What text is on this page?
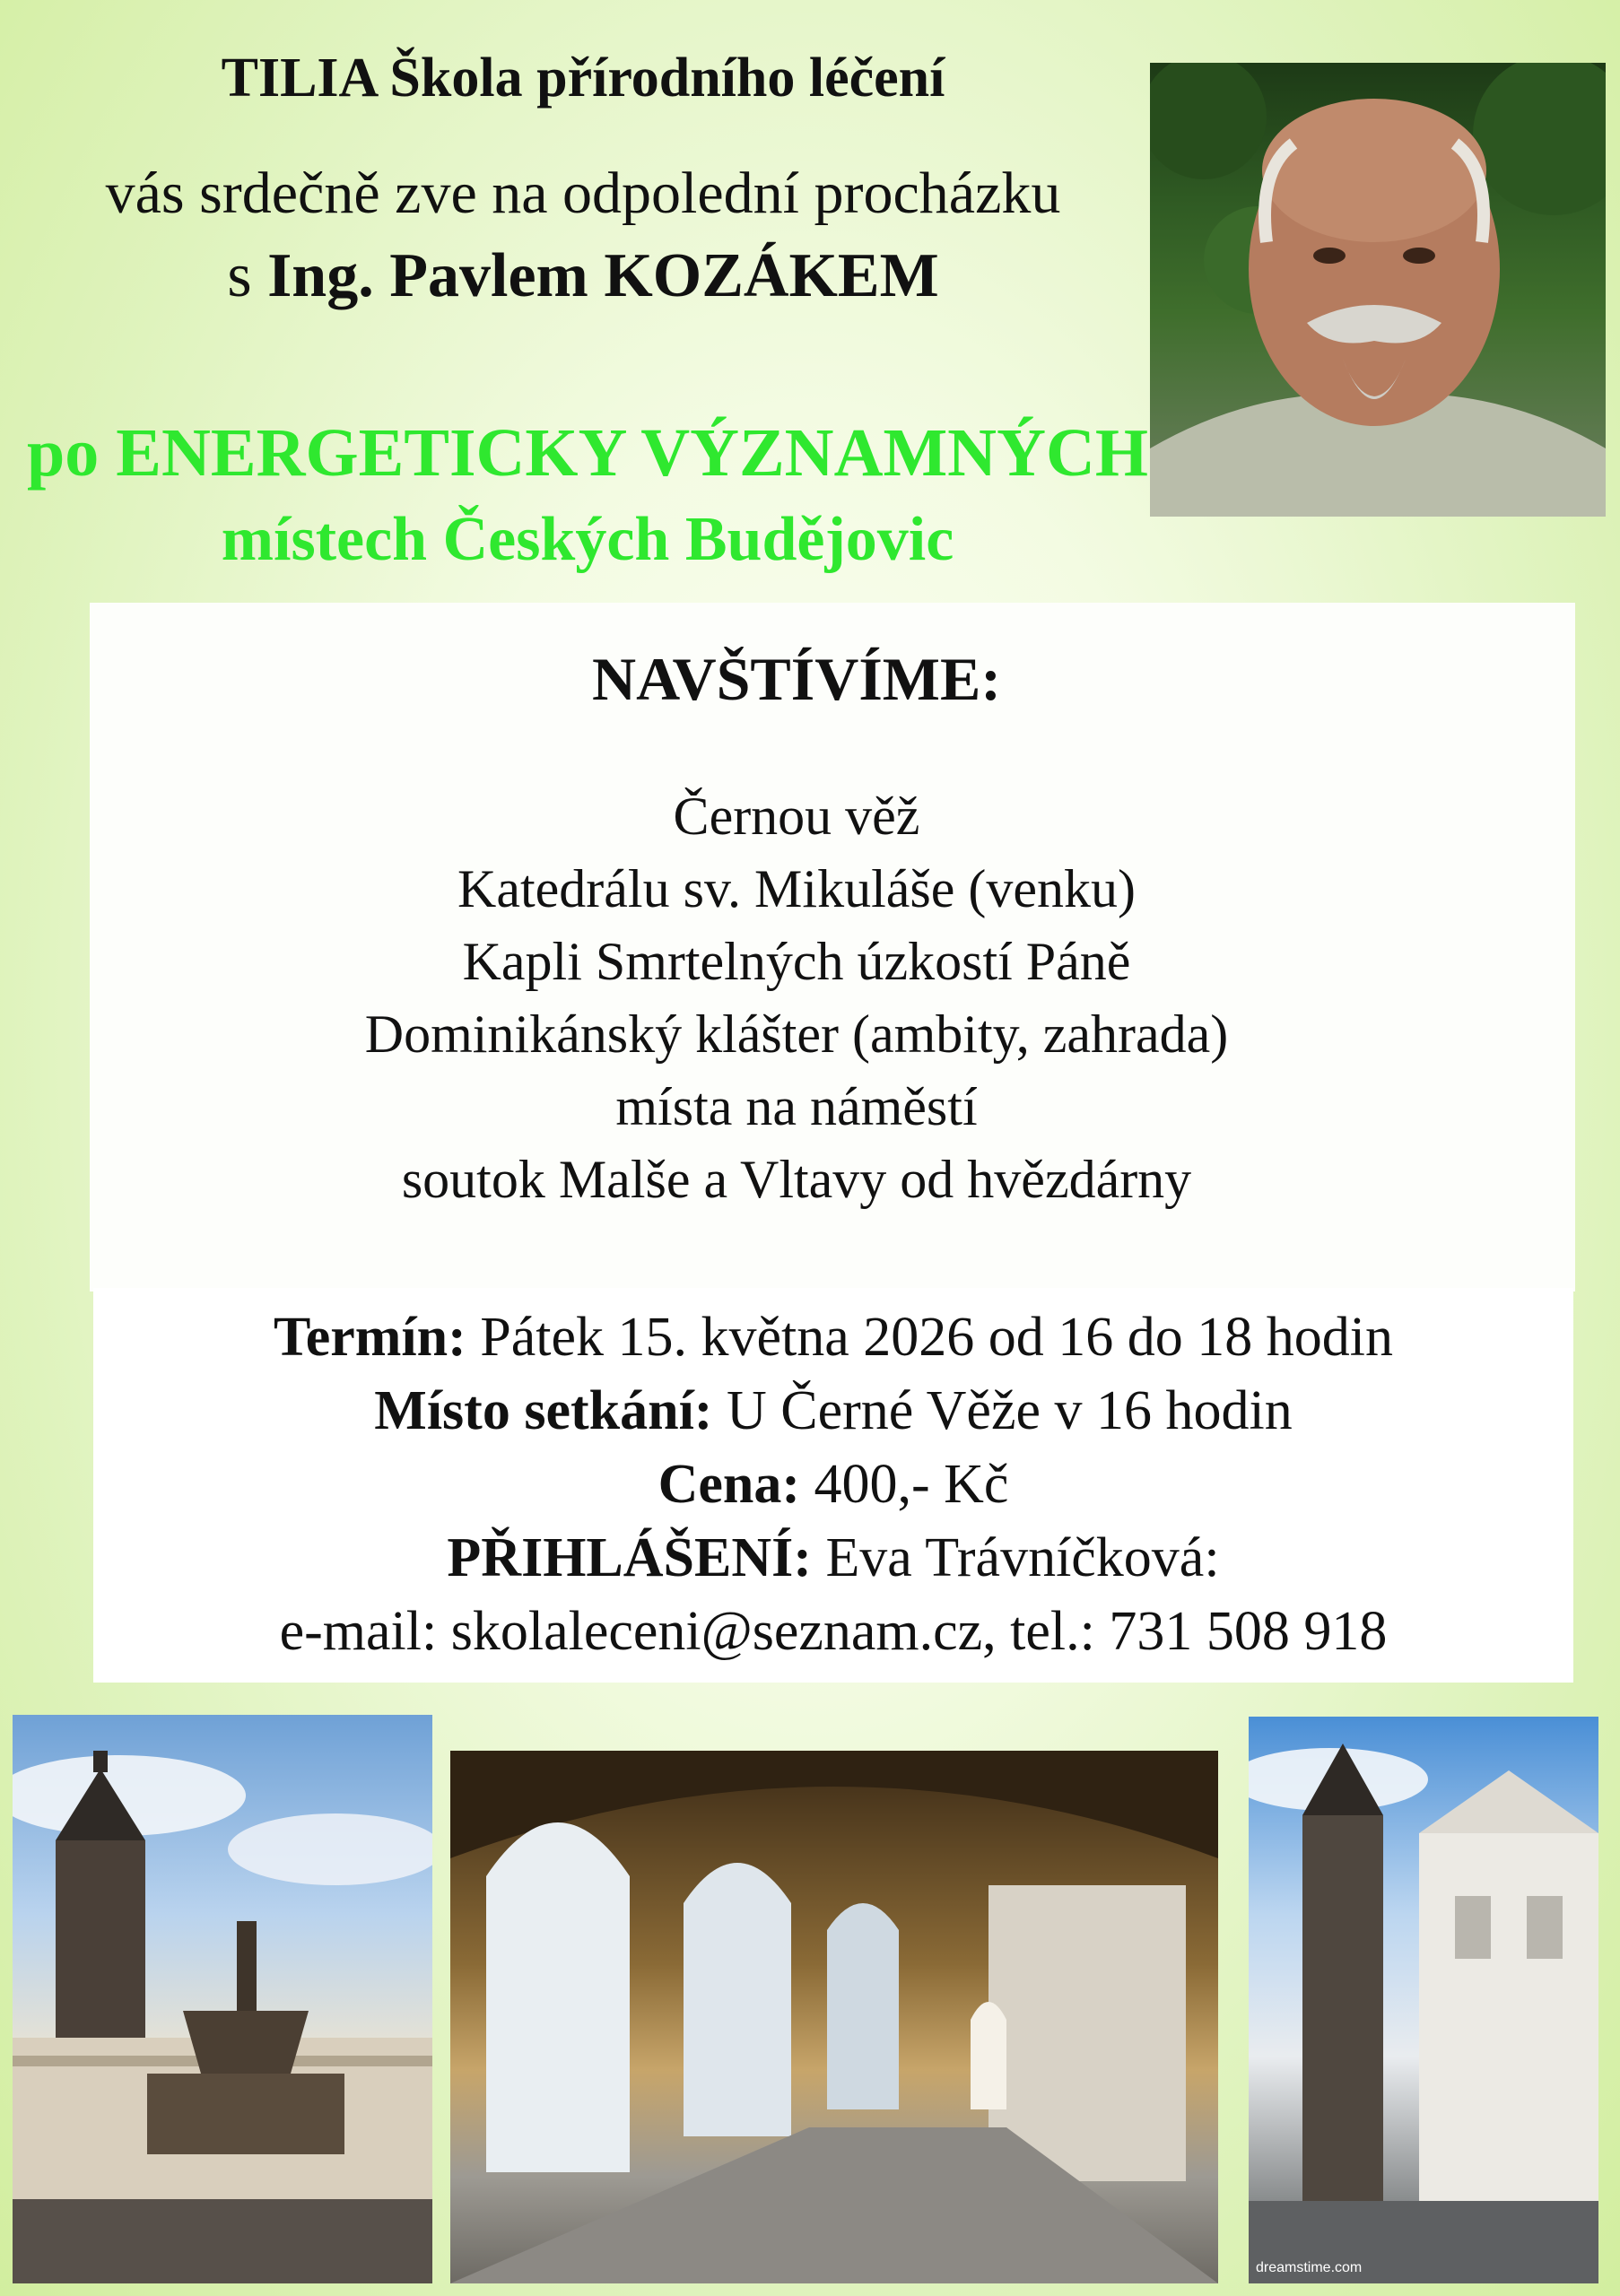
TILIA Škola přírodního léčení
vás srdečně zve na odpolední procházku
s Ing. Pavlem KOZÁKEM
po ENERGETICKY VÝZNAMNÝCH
místech Českých Budějovic
NAVŠTÍVÍME:
Černou věž
Katedrálu sv. Mikuláše (venku)
Kapli Smrtelných úzkostí Páně
Dominikánský klášter (ambity, zahrada)
místa na náměstí
soutok Malše a Vltavy od hvězdárny
Termín: Pátek 15. května 2026 od 16 do 18 hodin
Místo setkání: U Černé Věže v 16 hodin
Cena: 400,- Kč
PŘIHLÁŠENÍ: Eva Trávníčková:
e-mail: skolaleceni@seznam.cz, tel.: 731 508 918
dreamstime.com
